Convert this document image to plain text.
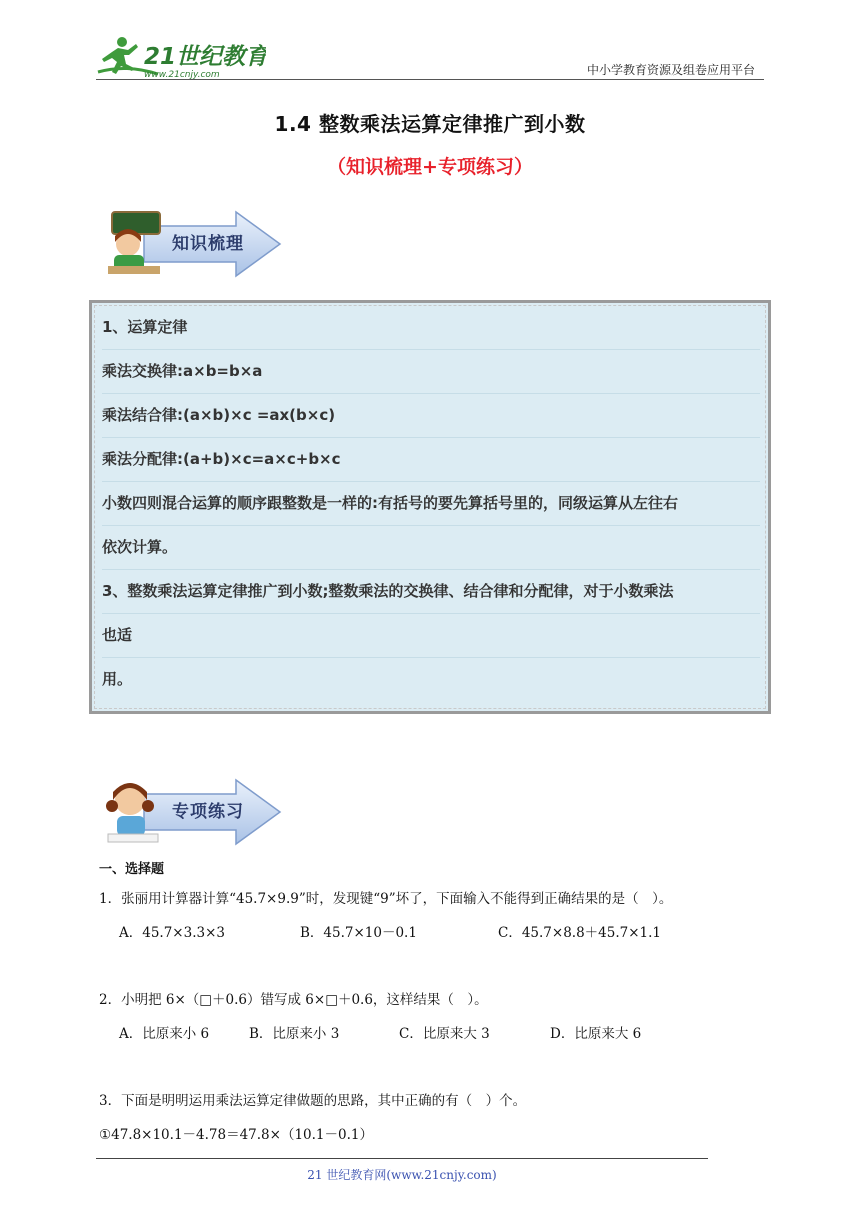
21世纪教育
www.21cnjy.com	中小学教育资源及组卷应用平台
1.4 整数乘法运算定律推广到小数
（知识梳理+专项练习）
知识梳理
1、运算定律
乘法交换律:a×b=b×a
乘法结合律:(a×b)×c =ax(b×c)
乘法分配律:(a+b)×c=a×c+b×c
小数四则混合运算的顺序跟整数是一样的:有括号的要先算括号里的，同级运算从左往右
依次计算。
3、整数乘法运算定律推广到小数;整数乘法的交换律、结合律和分配律，对于小数乘法
也适
用。
专项练习
一、选择题
1．张丽用计算器计算“45.7×9.9”时，发现键“9”坏了，下面输入不能得到正确结果的是（　）。
A．45.7×3.3×3	B．45.7×10－0.1	C．45.7×8.8＋45.7×1.1
2．小明把 6×（□＋0.6）错写成 6×□＋0.6，这样结果（　）。
A．比原来小 6	B．比原来小 3	C．比原来大 3	D．比原来大 6
3．下面是明明运用乘法运算定律做题的思路，其中正确的有（　）个。
①47.8×10.1－4.78＝47.8×（10.1－0.1）
21 世纪教育网(www.21cnjy.com)
